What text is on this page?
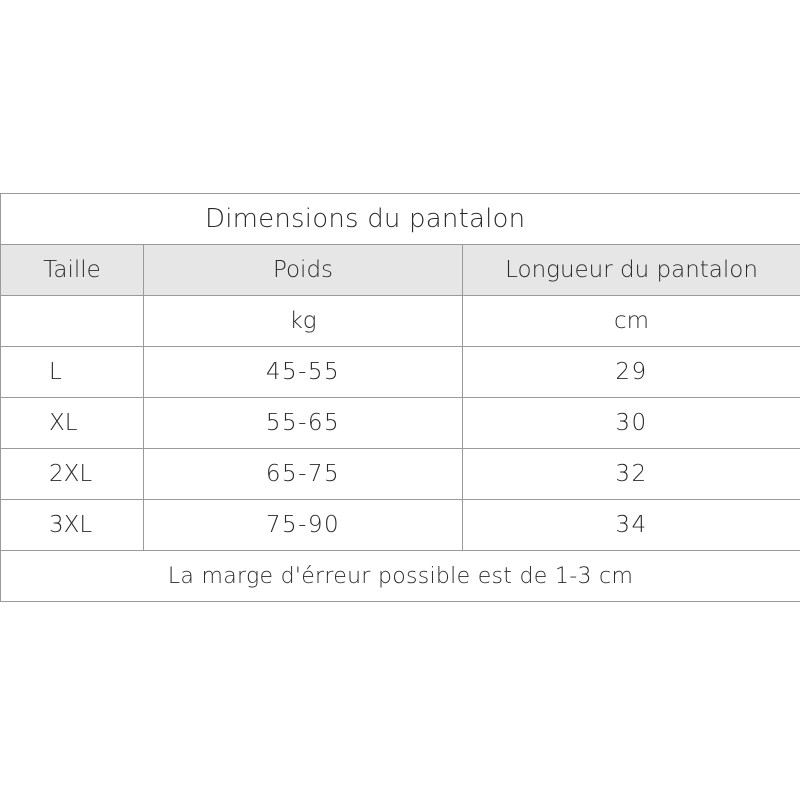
Dimensions du pantalon		
Taille	Poids	Longueur du pantalon
	kg	cm
L	45-55	29
XL	55-65	30
2XL	65-75	32
3XL	75-90	34
La marge d'érreur possible est de 1-3 cm		
